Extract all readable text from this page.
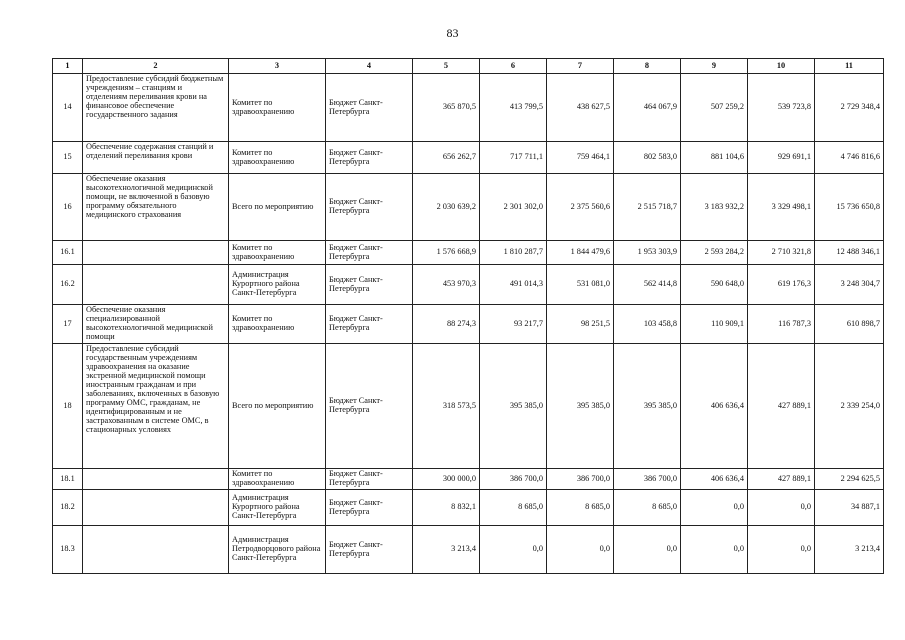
83
1	2	3	4	5	6	7	8	9	10	11
14	Предоставление субсидий бюджетным учреждениям – станциям и отделениям переливания крови на финансовое обеспечение государственного задания	Комитет по здравоохранению	Бюджет Санкт-Петербурга	365 870,5	413 799,5	438 627,5	464 067,9	507 259,2	539 723,8	2 729 348,4
15	Обеспечение содержания станций и отделений переливания крови	Комитет по здравоохранению	Бюджет Санкт-Петербурга	656 262,7	717 711,1	759 464,1	802 583,0	881 104,6	929 691,1	4 746 816,6
16	Обеспечение оказания высокотехнологичной медицинской помощи, не включенной в базовую программу обязательного медицинского страхования	Всего по мероприятию	Бюджет Санкт-Петербурга	2 030 639,2	2 301 302,0	2 375 560,6	2 515 718,7	3 183 932,2	3 329 498,1	15 736 650,8
16.1		Комитет по здравоохранению	Бюджет Санкт-Петербурга	1 576 668,9	1 810 287,7	1 844 479,6	1 953 303,9	2 593 284,2	2 710 321,8	12 488 346,1
16.2		Администрация Курортного района Санкт-Петербурга	Бюджет Санкт-Петербурга	453 970,3	491 014,3	531 081,0	562 414,8	590 648,0	619 176,3	3 248 304,7
17	Обеспечение оказания специализированной высокотехнологичной медицинской помощи	Комитет по здравоохранению	Бюджет Санкт-Петербурга	88 274,3	93 217,7	98 251,5	103 458,8	110 909,1	116 787,3	610 898,7
18	Предоставление субсидий государственным учреждениям здравоохранения на оказание экстренной медицинской помощи иностранным гражданам и при заболеваниях, включенных в базовую программу ОМС, гражданам, не идентифицированным и не застрахованным в системе ОМС, в стационарных условиях	Всего по мероприятию	Бюджет Санкт-Петербурга	318 573,5	395 385,0	395 385,0	395 385,0	406 636,4	427 889,1	2 339 254,0
18.1		Комитет по здравоохранению	Бюджет Санкт-Петербурга	300 000,0	386 700,0	386 700,0	386 700,0	406 636,4	427 889,1	2 294 625,5
18.2		Администрация Курортного района Санкт-Петербурга	Бюджет Санкт-Петербурга	8 832,1	8 685,0	8 685,0	8 685,0	0,0	0,0	34 887,1
18.3		Администрация Петродворцового района Санкт-Петербурга	Бюджет Санкт-Петербурга	3 213,4	0,0	0,0	0,0	0,0	0,0	3 213,4
